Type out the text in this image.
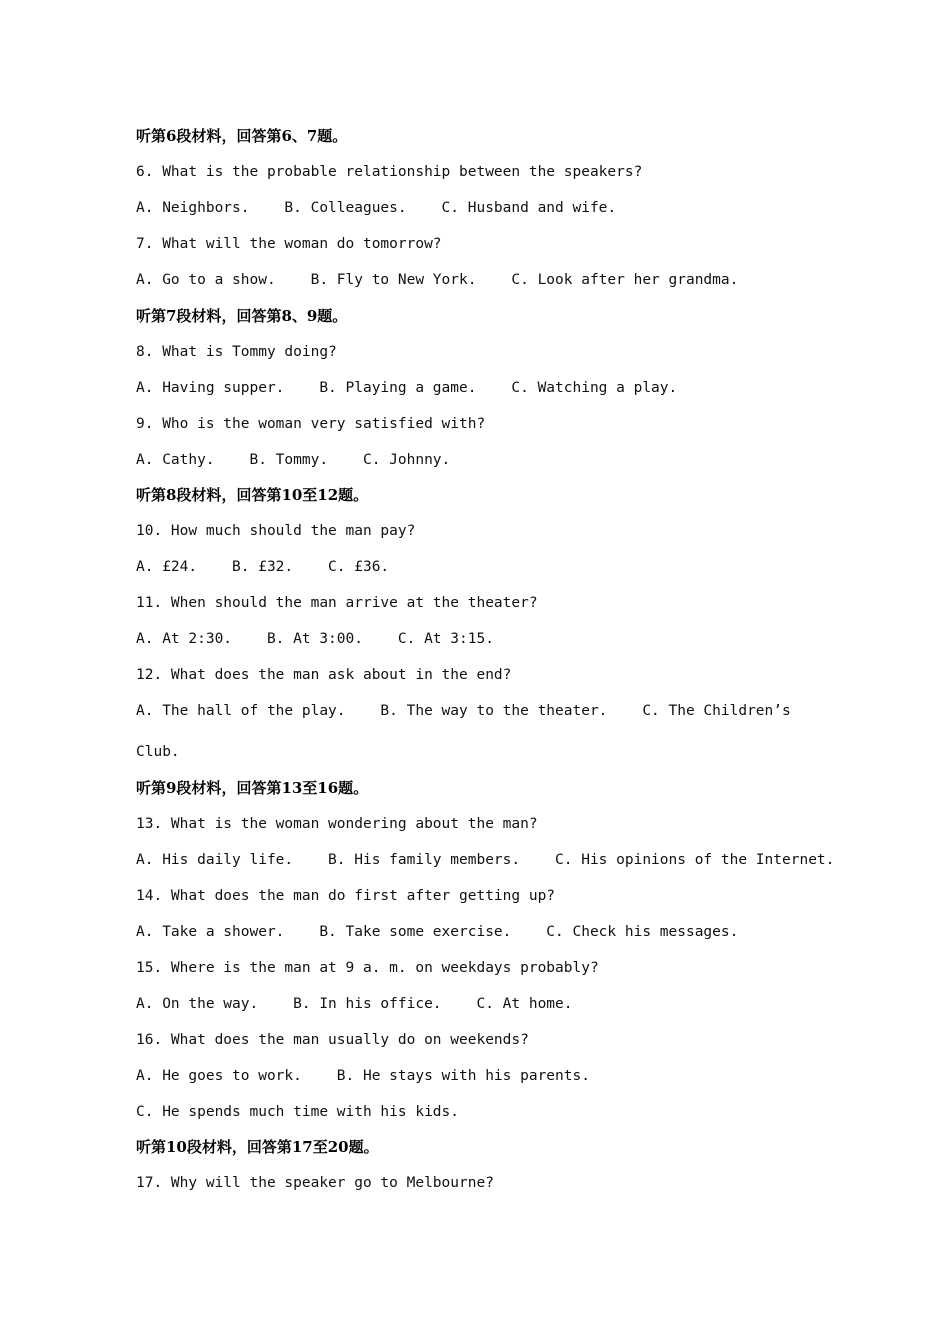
听第6段材料，回答第6、7题。
6. What is the probable relationship between the speakers?
A. Neighbors.    B. Colleagues.    C. Husband and wife.
7. What will the woman do tomorrow?
A. Go to a show.    B. Fly to New York.    C. Look after her grandma.
听第7段材料，回答第8、9题。
8. What is Tommy doing?
A. Having supper.    B. Playing a game.    C. Watching a play.
9. Who is the woman very satisfied with?
A. Cathy.    B. Tommy.    C. Johnny.
听第8段材料，回答第10至12题。
10. How much should the man pay?
A. £24.    B. £32.    C. £36.
11. When should the man arrive at the theater?
A. At 2:30.    B. At 3:00.    C. At 3:15.
12. What does the man ask about in the end?
A. The hall of the play.    B. The way to the theater.    C. The Children’s
Club.
听第9段材料，回答第13至16题。
13. What is the woman wondering about the man?
A. His daily life.    B. His family members.    C. His opinions of the Internet.
14. What does the man do first after getting up?
A. Take a shower.    B. Take some exercise.    C. Check his messages.
15. Where is the man at 9 a. m. on weekdays probably?
A. On the way.    B. In his office.    C. At home.
16. What does the man usually do on weekends?
A. He goes to work.    B. He stays with his parents.
C. He spends much time with his kids.
听第10段材料，回答第17至20题。
17. Why will the speaker go to Melbourne?
